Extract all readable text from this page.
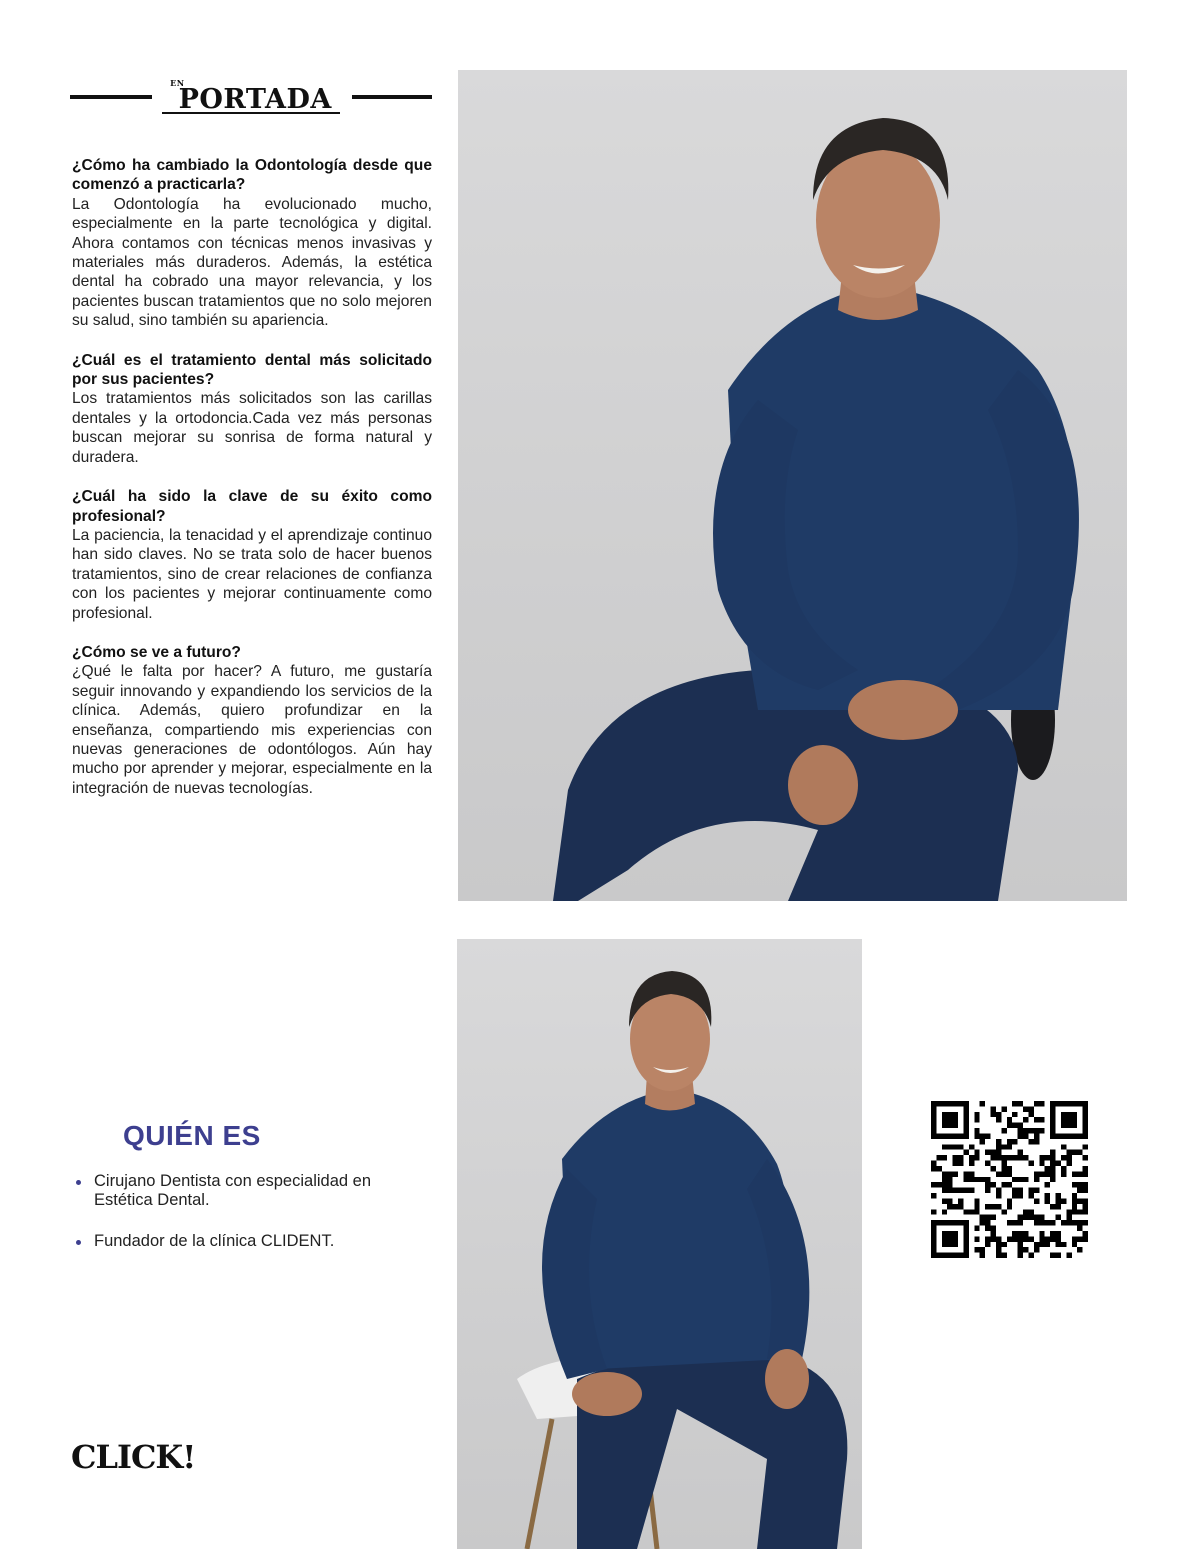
$^{EN}$PORTADA
¿Cómo ha cambiado la Odontología desde que comenzó a practicarla?
La Odontología ha evolucionado mucho, especialmente en la parte tecnológica y digital. Ahora contamos con técnicas menos invasivas y materiales más duraderos. Además, la estética dental ha cobrado una mayor relevancia, y los pacientes buscan tratamientos que no solo mejoren su salud, sino también su apariencia.
¿Cuál es el tratamiento dental más solicitado por sus pacientes?
Los tratamientos más solicitados son las carillas dentales y la ortodoncia.Cada vez más personas buscan mejorar su sonrisa de forma natural y duradera.
¿Cuál ha sido la clave de su éxito como profesional?
La paciencia, la tenacidad y el aprendizaje continuo han sido claves. No se trata solo de hacer buenos tratamientos, sino de crear relaciones de confianza con los pacientes y mejorar continuamente como profesional.
¿Cómo se ve a futuro?
¿Qué le falta por hacer? A futuro, me gustaría seguir innovando y expandiendo los servicios de la clínica. Además, quiero profundizar en la enseñanza, compartiendo mis experiencias con nuevas generaciones de odontólogos. Aún hay mucho por aprender y mejorar, especialmente en la integración de nuevas tecnologías.
QUIÉN ES
Cirujano Dentista con especialidad en Estética Dental.
Fundador de la clínica CLIDENT.
CLICK!
